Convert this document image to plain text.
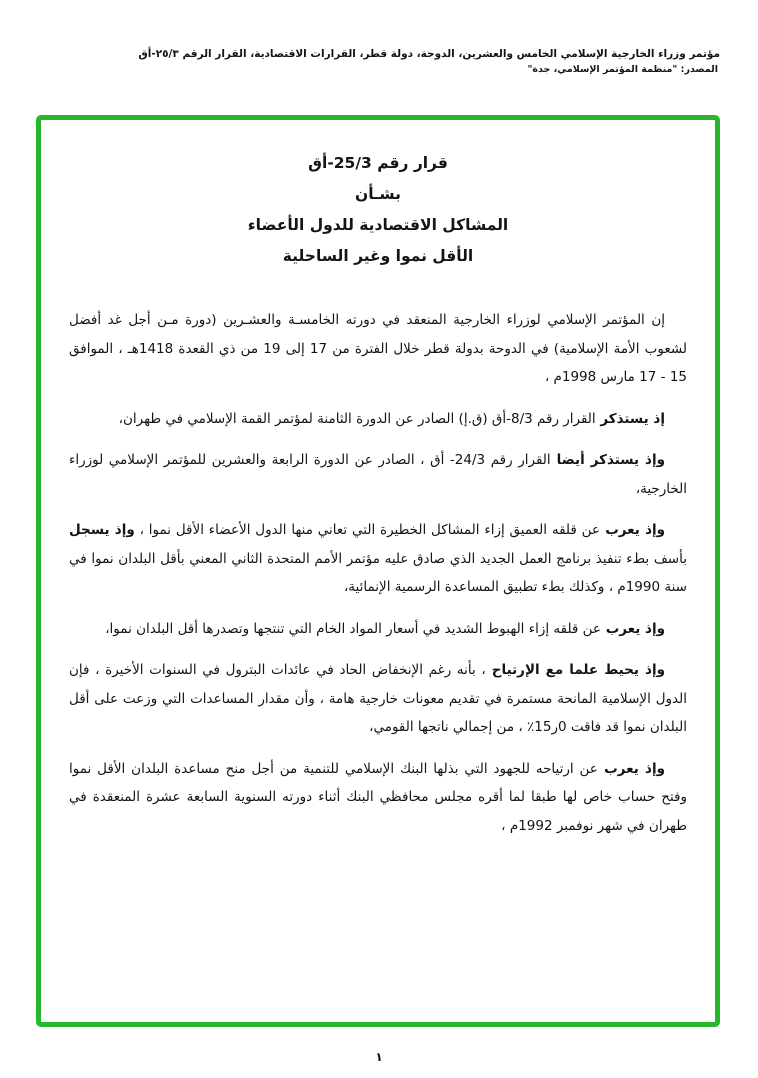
مؤتمر وزراء الخارجية الإسلامي الخامس والعشرين، الدوحة، دولة قطر، القرارات الاقتصادية، القرار الرقم ٢٥/٣-أق
المصدر: "منظمة المؤتمر الإسلامي، جدة"
قرار رقم 25/3-أق
بشـأن
المشاكل الاقتصادية للدول الأعضاء
الأقل نموا وغير الساحلية

إن المؤتمر الإسلامي لوزراء الخارجية المنعقد في دورته الخامسـة والعشـرين (دورة مـن أجل غد أفضل لشعوب الأمة الإسلامية) في الدوحة بدولة قطر خلال الفترة من 17 إلى 19 من ذي القعدة 1418هـ ، الموافق 15 - 17 مارس 1998م ،

إذ يستذكر القرار رقم 8/3-أق (ق.إ) الصادر عن الدورة الثامنة لمؤتمر القمة الإسلامي في طهران،

وإذ يستذكر أيضا القرار رقم 24/3- أق ، الصادر عن الدورة الرابعة والعشرين للمؤتمر الإسلامي لوزراء الخارجية،

وإذ يعرب عن قلقه العميق إزاء المشاكل الخطيرة التي تعاني منها الدول الأعضاء الأقل نموا ، وإذ يسجل بأسف بطء تنفيذ برنامج العمل الجديد الذي صادق عليه مؤتمر الأمم المتحدة الثاني المعني بأقل البلدان نموا في سنة 1990م ، وكذلك بطء تطبيق المساعدة الرسمية الإنمائية،

وإذ يعرب عن قلقه إزاء الهبوط الشديد في أسعار المواد الخام التي تنتجها وتصدرها أقل البلدان نموا،

وإذ يحيط علما مع الإرتياح ، بأنه رغم الإنخفاض الحاد في عائدات البترول في السنوات الأخيرة ، فإن الدول الإسلامية المانحة مستمرة في تقديم معونات خارجية هامة ، وأن مقدار المساعدات التي وزعت على أقل البلدان نموا قد فاقت 0ر15٪ ، من إجمالي ناتجها القومي،

وإذ يعرب عن ارتياحه للجهود التي بذلها البنك الإسلامي للتنمية من أجل منح مساعدة البلدان الأقل نموا وفتح حساب خاص لها طبقا لما أقره مجلس محافظي البنك أثناء دورته السنوية السابعة عشرة المنعقدة في طهران في شهر نوفمبر 1992م ،

١
